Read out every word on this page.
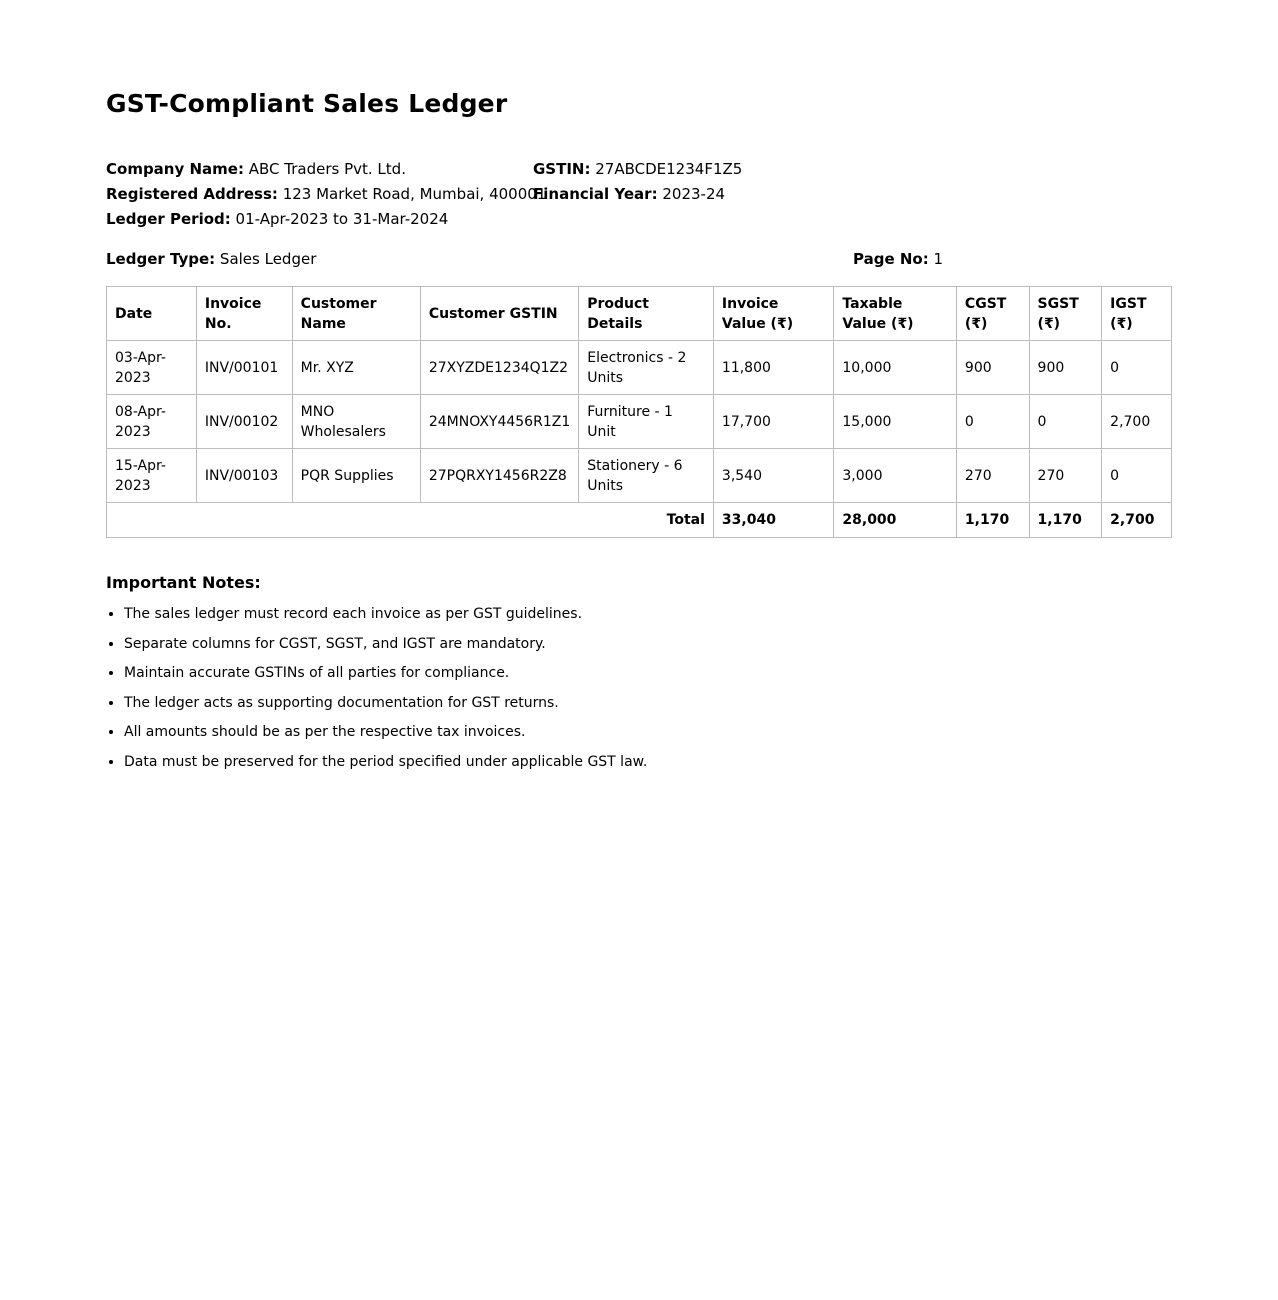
GST-Compliant Sales Ledger
Company Name: ABC Traders Pvt. Ltd.	GSTIN: 27ABCDE1234F1Z5
Registered Address: 123 Market Road, Mumbai, 400001
Financial Year: 2023-24
Ledger Period: 01-Apr-2023 to 31-Mar-2024
Ledger Type: Sales Ledger	Page No: 1
Date	Invoice No.	Customer Name	Customer GSTIN	Product Details	Invoice Value (₹)	Taxable Value (₹)	CGST (₹)	SGST (₹)	IGST (₹)
03-Apr-2023	INV/00101	Mr. XYZ	27XYZDE1234Q1Z2	Electronics - 2 Units	11,800	10,000	900	900	0
08-Apr-2023	INV/00102	MNO Wholesalers	24MNOXY4456R1Z1	Furniture - 1 Unit	17,700	15,000	0	0	2,700
15-Apr-2023	INV/00103	PQR Supplies	27PQRXY1456R2Z8	Stationery - 6 Units	3,540	3,000	270	270	0
Total					33,040	28,000	1,170	1,170	2,700
Important Notes:
• The sales ledger must record each invoice as per GST guidelines.
• Separate columns for CGST, SGST, and IGST are mandatory.
• Maintain accurate GSTINs of all parties for compliance.
• The ledger acts as supporting documentation for GST returns.
• All amounts should be as per the respective tax invoices.
• Data must be preserved for the period specified under applicable GST law.
